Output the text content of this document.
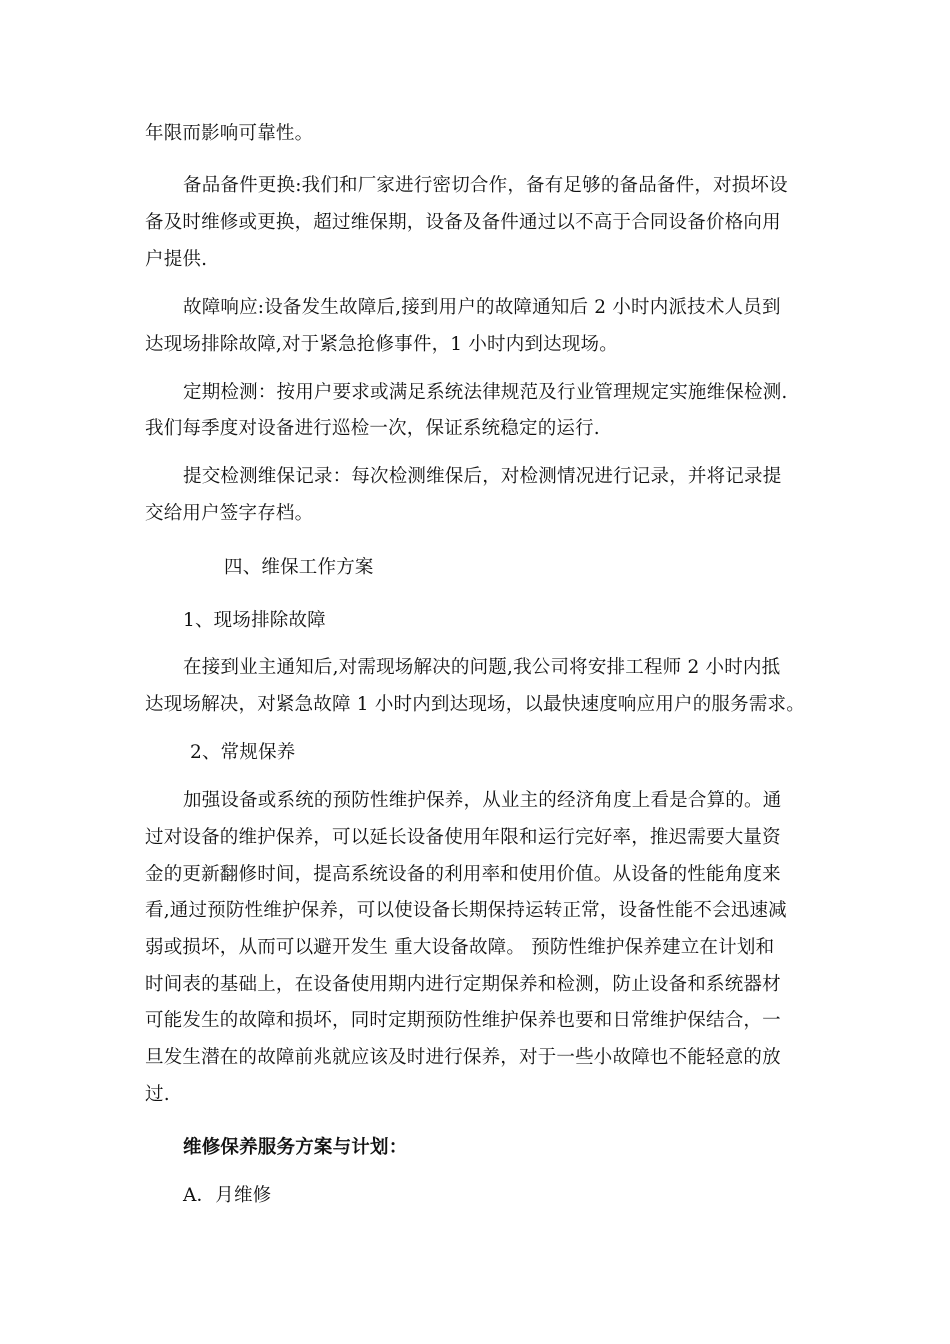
年限而影响可靠性。
备品备件更换:我们和厂家进行密切合作，备有足够的备品备件，对损坏设
备及时维修或更换，超过维保期，设备及备件通过以不高于合同设备价格向用
户提供.
故障响应:设备发生故障后,接到用户的故障通知后 2 小时内派技术人员到
达现场排除故障,对于紧急抢修事件，1 小时内到达现场。
定期检测：按用户要求或满足系统法律规范及行业管理规定实施维保检测.
我们每季度对设备进行巡检一次，保证系统稳定的运行.
提交检测维保记录：每次检测维保后，对检测情况进行记录，并将记录提
交给用户签字存档。
四、维保工作方案
1、现场排除故障
在接到业主通知后,对需现场解决的问题,我公司将安排工程师 2 小时内抵
达现场解决，对紧急故障 1 小时内到达现场，以最快速度响应用户的服务需求。
2、常规保养
加强设备或系统的预防性维护保养，从业主的经济角度上看是合算的。通
过对设备的维护保养，可以延长设备使用年限和运行完好率，推迟需要大量资
金的更新翻修时间，提高系统设备的利用率和使用价值。从设备的性能角度来
看,通过预防性维护保养，可以使设备长期保持运转正常，设备性能不会迅速减
弱或损坏，从而可以避开发生 重大设备故障。 预防性维护保养建立在计划和
时间表的基础上，在设备使用期内进行定期保养和检测，防止设备和系统器材
可能发生的故障和损坏，同时定期预防性维护保养也要和日常维护保结合，一
旦发生潜在的故障前兆就应该及时进行保养，对于一些小故障也不能轻意的放
过.
维修保养服务方案与计划：
A．月维修
